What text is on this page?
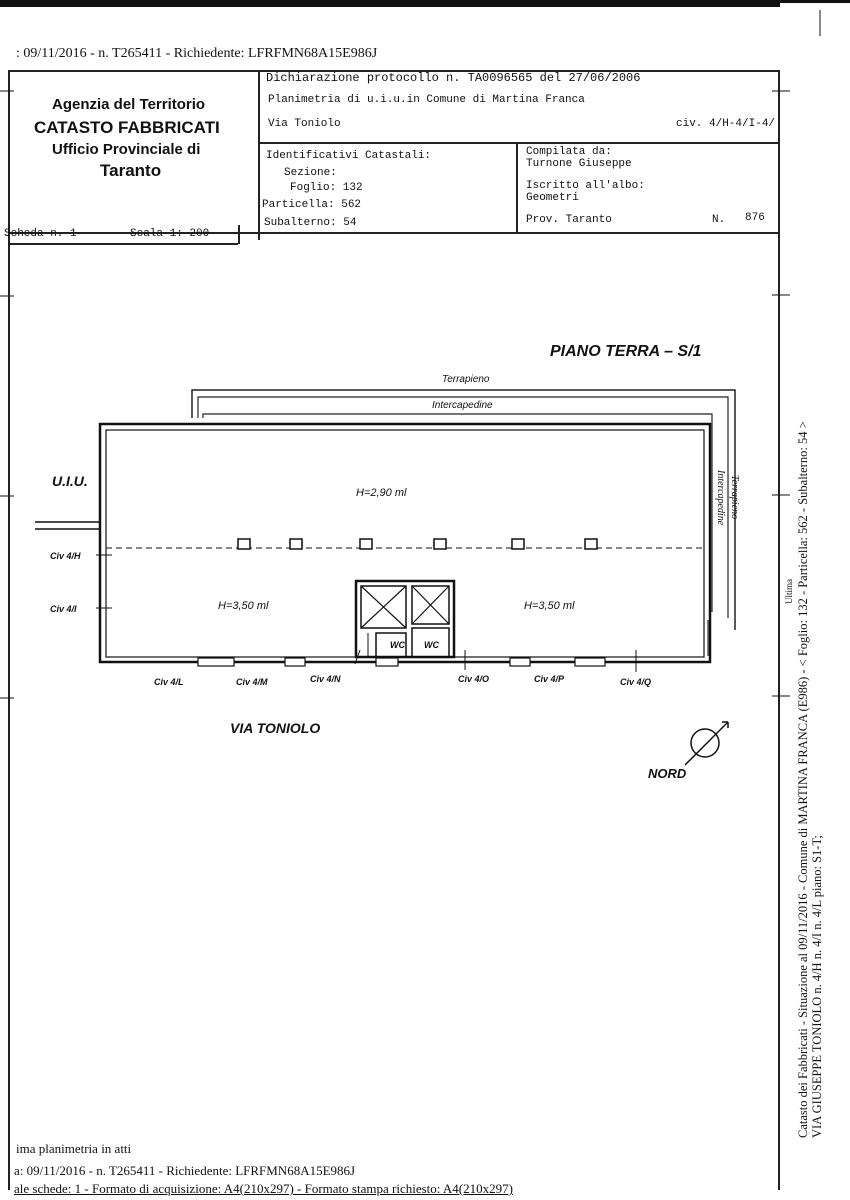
: 09/11/2016 - n. T265411 - Richiedente: LFRFMN68A15E986J
Agenzia del Territorio
CATASTO FABBRICATI
Ufficio Provinciale di
Taranto
Dichiarazione protocollo n. TA0096565 del 27/06/2006
Planimetria di u.i.u.in Comune di Martina Franca
Via Toniolo	civ. 4/H-4/I-4/
Identificativi Catastali:
Sezione:
Foglio: 132
Particella: 562
Subalterno: 54
Compilata da:
Turnone Giuseppe
Iscritto all'albo:
Geometri
Prov. Taranto	N. 876
Scheda n. 1	Scala 1: 200
PIANO TERRA – S/1
Terrapieno
Intercapedine
Terrapieno
Intercapedine
U.I.U.
H=2,90 ml
H=3,50 ml	H=3,50 ml
WC WC
Civ 4/H
Civ 4/I
Civ 4/L	Civ 4/M	Civ 4/N	Civ 4/O	Civ 4/P	Civ 4/Q
VIA TONIOLO
NORD	Catasto dei Fabbricati - Situazione al 09/11/2016 - Comune di MARTINA FRANCA (E986) - < Foglio: 132 - Particella: 562 - Subalterno: 54 > VIA GIUSEPPE TONIOLO n. 4/H n. 4/I n. 4/L piano: S1-T;
Ultima
ima planimetria in atti
a: 09/11/2016 - n. T265411 - Richiedente: LFRFMN68A15E986J
ale schede: 1 - Formato di acquisizione: A4(210x297) - Formato stampa richiesto: A4(210x297)
